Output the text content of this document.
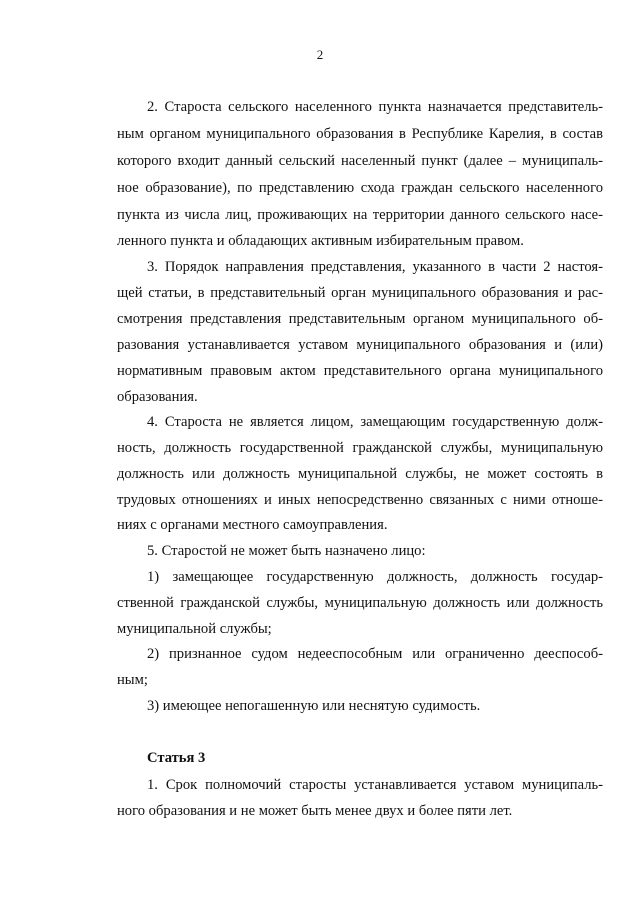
2
2. Староста сельского населенного пункта назначается представитель-
ным органом муниципального образования в Республике Карелия, в состав
которого входит данный сельский населенный пункт (далее – муниципаль-
ное образование), по представлению схода граждан сельского населенного
пункта из числа лиц, проживающих на территории данного сельского насе-
ленного пункта и обладающих активным избирательным правом.
3. Порядок направления представления, указанного в части 2 настоя-
щей статьи, в представительный орган муниципального образования и рас-
смотрения представления представительным органом муниципального об-
разования устанавливается уставом муниципального образования и (или)
нормативным правовым актом представительного органа муниципального
образования.
4. Староста не является лицом, замещающим государственную долж-
ность, должность государственной гражданской службы, муниципальную
должность или должность муниципальной службы, не может состоять в
трудовых отношениях и иных непосредственно связанных с ними отноше-
ниях с органами местного самоуправления.
5. Старостой не может быть назначено лицо:
1) замещающее государственную должность, должность государ-
ственной гражданской службы, муниципальную должность или должность
муниципальной службы;
2) признанное судом недееспособным или ограниченно дееспособ-
ным;
3) имеющее непогашенную или неснятую судимость.
Статья 3
1. Срок полномочий старосты устанавливается уставом муниципаль-
ного образования и не может быть менее двух и более пяти лет.
